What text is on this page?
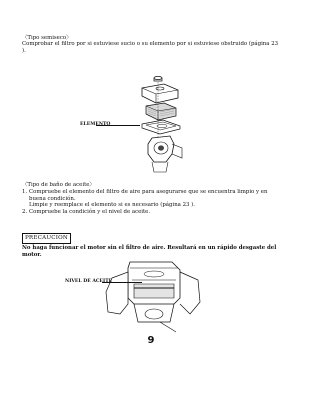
〈Tipo semiseco〉
Comprobar el filtro por si estuviese sucio o su elemento por si estuviese obstruido (página 23 ).
ELEMENTO
〈Tipo de baño de aceite〉
1. Compruebe el elemento del filtro de aire para asegurarse que se encuentra limpio y en buena condición.
Limpie y reemplace el elemento si es necesario (página 23 ).
2. Compruebe la condición y el nivel de aceite.
PRECAUCION
No haga funcionar el motor sin el filtro de aire. Resultará en un rápido desgaste del motor.
NIVEL DE ACEITE
9
